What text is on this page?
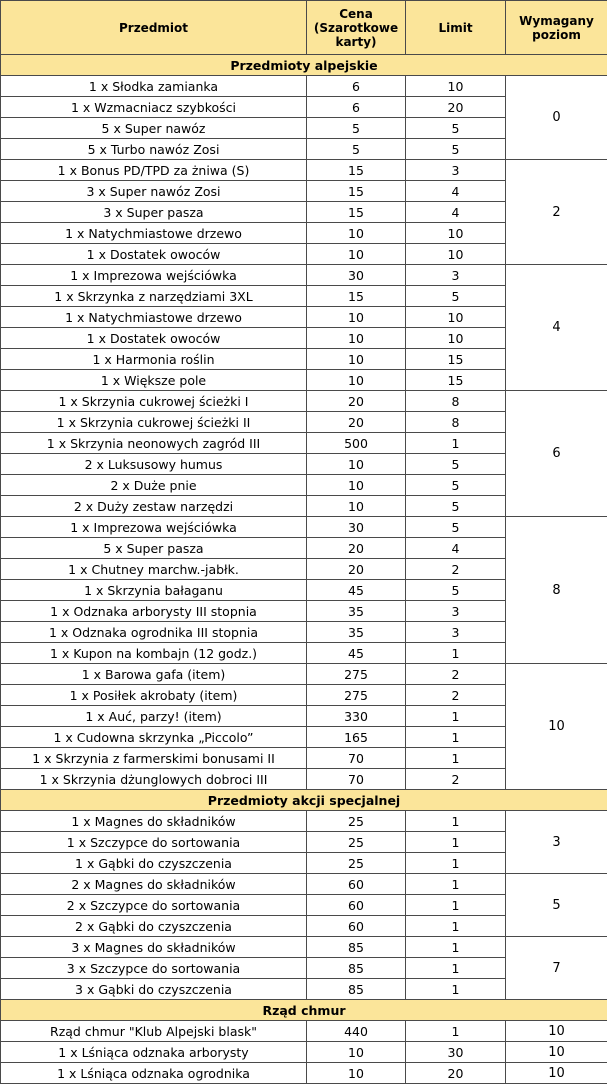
Przedmiot	Cena (Szarotkowe karty)	Limit	Wymagany poziom
Przedmioty alpejskie			
1 x Słodka zamianka	6	10	0
1 x Wzmacniacz szybkości	6	20	
5 x Super nawóz	5	5	
5 x Turbo nawóz Zosi	5	5	
1 x Bonus PD/TPD za żniwa (S)	15	3	2
3 x Super nawóz Zosi	15	4	
3 x Super pasza	15	4	
1 x Natychmiastowe drzewo	10	10	
1 x Dostatek owoców	10	10	
1 x Imprezowa wejściówka	30	3	4
1 x Skrzynka z narzędziami 3XL	15	5	
1 x Natychmiastowe drzewo	10	10	
1 x Dostatek owoców	10	10	
1 x Harmonia roślin	10	15	
1 x Większe pole	10	15	
1 x Skrzynia cukrowej ścieżki I	20	8	6
1 x Skrzynia cukrowej ścieżki II	20	8	
1 x Skrzynia neonowych zagród III	500	1	
2 x Luksusowy humus	10	5	
2 x Duże pnie	10	5	
2 x Duży zestaw narzędzi	10	5	
1 x Imprezowa wejściówka	30	5	8
5 x Super pasza	20	4	
1 x Chutney marchw.-jabłk.	20	2	
1 x Skrzynia bałaganu	45	5	
1 x Odznaka arborysty III stopnia	35	3	
1 x Odznaka ogrodnika III stopnia	35	3	
1 x Kupon na kombajn (12 godz.)	45	1	
1 x Barowa gafa (item)	275	2	10
1 x Posiłek akrobaty (item)	275	2	
1 x Auć, parzy! (item)	330	1	
1 x Cudowna skrzynka „Piccolo”	165	1	
1 x Skrzynia z farmerskimi bonusami II	70	1	
1 x Skrzynia dżunglowych dobroci III	70	2	
Przedmioty akcji specjalnej			
1 x Magnes do składników	25	1	3
1 x Szczypce do sortowania	25	1	
1 x Gąbki do czyszczenia	25	1	
2 x Magnes do składników	60	1	5
2 x Szczypce do sortowania	60	1	
2 x Gąbki do czyszczenia	60	1	
3 x Magnes do składników	85	1	7
3 x Szczypce do sortowania	85	1	
3 x Gąbki do czyszczenia	85	1	
Rząd chmur			
Rząd chmur "Klub Alpejski blask"	440	1	10
1 x Lśniąca odznaka arborysty	10	30	10
1 x Lśniąca odznaka ogrodnika	10	20	10
